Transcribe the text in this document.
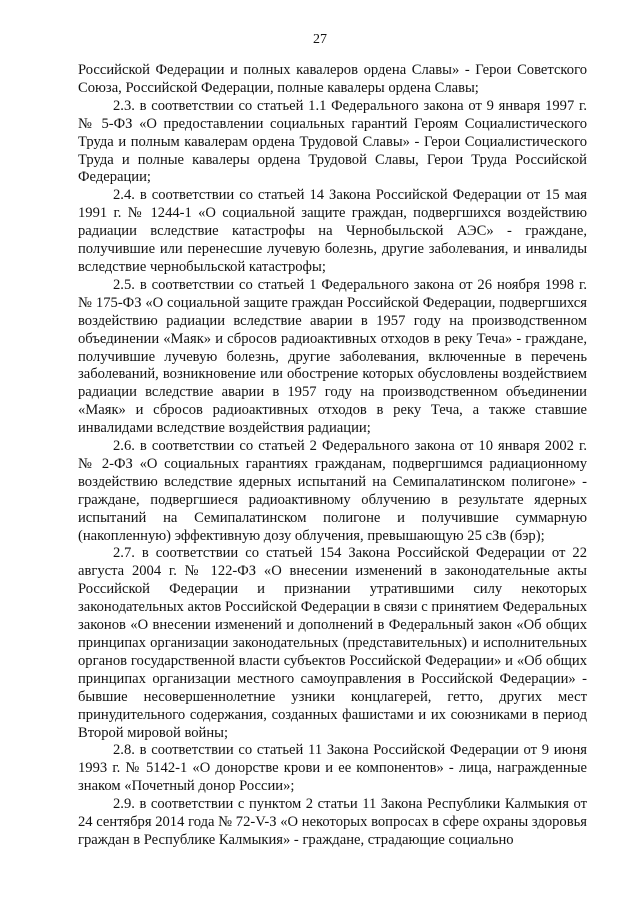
27

Российской Федерации и полных кавалеров ордена Славы» - Герои Советского Союза, Российской Федерации, полные кавалеры ордена Славы;

2.3. в соответствии со статьей 1.1 Федерального закона от 9 января 1997 г. № 5-ФЗ «О предоставлении социальных гарантий Героям Социалистического Труда и полным кавалерам ордена Трудовой Славы» - Герои Социалистического Труда и полные кавалеры ордена Трудовой Славы, Герои Труда Российской Федерации;

2.4. в соответствии со статьей 14 Закона Российской Федерации от 15 мая 1991 г. № 1244-1 «О социальной защите граждан, подвергшихся воздействию радиации вследствие катастрофы на Чернобыльской АЭС» - граждане, получившие или перенесшие лучевую болезнь, другие заболевания, и инвалиды вследствие чернобыльской катастрофы;

2.5. в соответствии со статьей 1 Федерального закона от 26 ноября 1998 г. № 175-ФЗ «О социальной защите граждан Российской Федерации, подвергшихся воздействию радиации вследствие аварии в 1957 году на производственном объединении «Маяк» и сбросов радиоактивных отходов в реку Теча» - граждане, получившие лучевую болезнь, другие заболевания, включенные в перечень заболеваний, возникновение или обострение которых обусловлены воздействием радиации вследствие аварии в 1957 году на производственном объединении «Маяк» и сбросов радиоактивных отходов в реку Теча, а также ставшие инвалидами вследствие воздействия радиации;

2.6. в соответствии со статьей 2 Федерального закона от 10 января 2002 г. № 2-ФЗ «О социальных гарантиях гражданам, подвергшимся радиационному воздействию вследствие ядерных испытаний на Семипалатинском полигоне» - граждане, подвергшиеся радиоактивному облучению в результате ядерных испытаний на Семипалатинском полигоне и получившие суммарную (накопленную) эффективную дозу облучения, превышающую 25 сЗв (бэр);

2.7. в соответствии со статьей 154 Закона Российской Федерации от 22 августа 2004 г. № 122-ФЗ «О внесении изменений в законодательные акты Российской Федерации и признании утратившими силу некоторых законодательных актов Российской Федерации в связи с принятием Федеральных законов «О внесении изменений и дополнений в Федеральный закон «Об общих принципах организации законодательных (представительных) и исполнительных органов государственной власти субъектов Российской Федерации» и «Об общих принципах организации местного самоуправления в Российской Федерации» - бывшие несовершеннолетние узники концлагерей, гетто, других мест принудительного содержания, созданных фашистами и их союзниками в период Второй мировой войны;

2.8. в соответствии со статьей 11 Закона Российской Федерации от 9 июня 1993 г. № 5142-1 «О донорстве крови и ее компонентов» - лица, награжденные знаком «Почетный донор России»;

2.9. в соответствии с пунктом 2 статьи 11 Закона Республики Калмыкия от 24 сентября 2014 года № 72-V-З «О некоторых вопросах в сфере охраны здоровья граждан в Республике Калмыкия» - граждане, страдающие социально
